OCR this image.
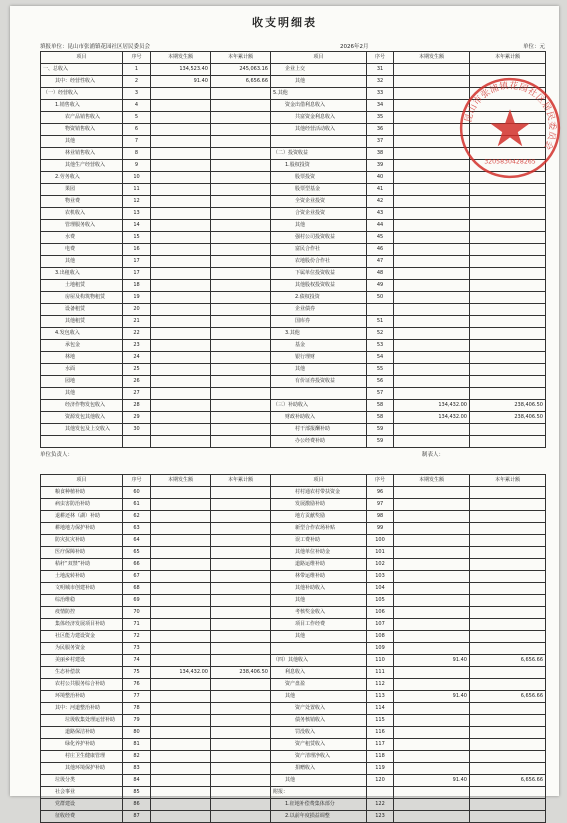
收支明细表
填报单位：昆山市张浦镇花园社区居民委员会	2026年2月	单位：元
项目	序号	本期发生额	本年累计额	项目	序号	本期发生额	本年累计额
一、总收入	1	134,523.40	245,063.16	企业上交	31		
其中：经营性收入	2	91.40	6,656.66	其他	32		
（一）经营收入	3			5.其他	33		
1.销售收入	4			资金出借利息收入	34		
农产品销售收入	5			共富资金利息收入	35		
物资销售收入	6			其他经营活动收入	36		
其他	7				37		
林业销售收入	8			（二）投资收益	38		
其他生产经营收入	9			1.股权投资	39		
2.劳务收入	10			股票投资	40		
果园	11			股票型基金	41		
物业费	12			全资企业投资	42		
农机收入	13			合资企业投资	43		
管理服务收入	14			其他	44		
水费	15			强村公司投资收益	45		
电费	16			富民合作社	46		
其他	17			农地股份合作社	47		
3.出租收入	17			下属单位投资收益	48		
土地租赁	18			其他股权投资收益	49		
房屋及构筑物租赁	19			2.债权投资	50		
设备租赁	20			企业债券			
其他租赁	21			国库券	51		
4.发包收入	22			3.其他	52		
承包金	23			基金	53		
林地	24			银行理财	54		
水面	25			其他	55		
园地	26			有价证券投资收益	56		
其他	27				57		
经济作物发包收入	28			（三）补助收入	58	134,432.00	238,406.50
资源发包其他收入	29			财政补助收入	58	134,432.00	238,406.50
其他发包及上交收入	30			村干部报酬补助	59		
				办公经费补助	59		
单位负责人：	制表人：
项目	序号	本期发生额	本年累计额	项目	序号	本期发生额	本年累计额
粮食种植补助	60			村村通农村带扶资金	96		
病虫害防治补助	61			发展激励补助	97		
退耕还林（湖）补助	62			地方贡献奖励	98		
耕地地力保护补助	63			新型合作农场补贴	99		
防灾抗灾补助	64			误工费补助	100		
医疗保障补助	65			其他单位补助金	101		
秸秆“双禁”补助	66			道路运维补助	102		
土地流转补助	67			林带运维补助	103		
文明城市创建补助	68			其他补助收入	104		
综治维稳	69			其他	105		
疫情防控	70			考核奖金收入	106		
集体经济发展项目补助	71			项目工作经费	107		
社区能力建设资金	72			其他	108		
为民服务资金	73				109		
美丽乡村建设	74			（四）其他收入	110	91.40	6,656.66
生态补偿款	75	134,432.00	238,406.50	利息收入	111		
农村公共服务综合补助	76			资产盘盈	112		
环境整治补助	77			其他	113	91.40	6,656.66
其中：河道整治补助	78			资产处置收入	114		
垃圾收集处理运营补助	79			债务核销收入	115		
道路保洁补助	80			罚没收入	116		
绿化养护补助	81			资产租赁收入	117		
村庄卫生健康管理	82			资产清理净收入	118		
其他环境保护补助	83			捐赠收入	119		
垃圾分类	84			其他	120	91.40	6,656.66
社会事业	85			附报：			
党群建设	86			1.征地补偿费集体部分	122		
征收经费	87			2.以前年度损益调整	123		
昆山市张浦镇花园社区居民委员会
3205830428265
